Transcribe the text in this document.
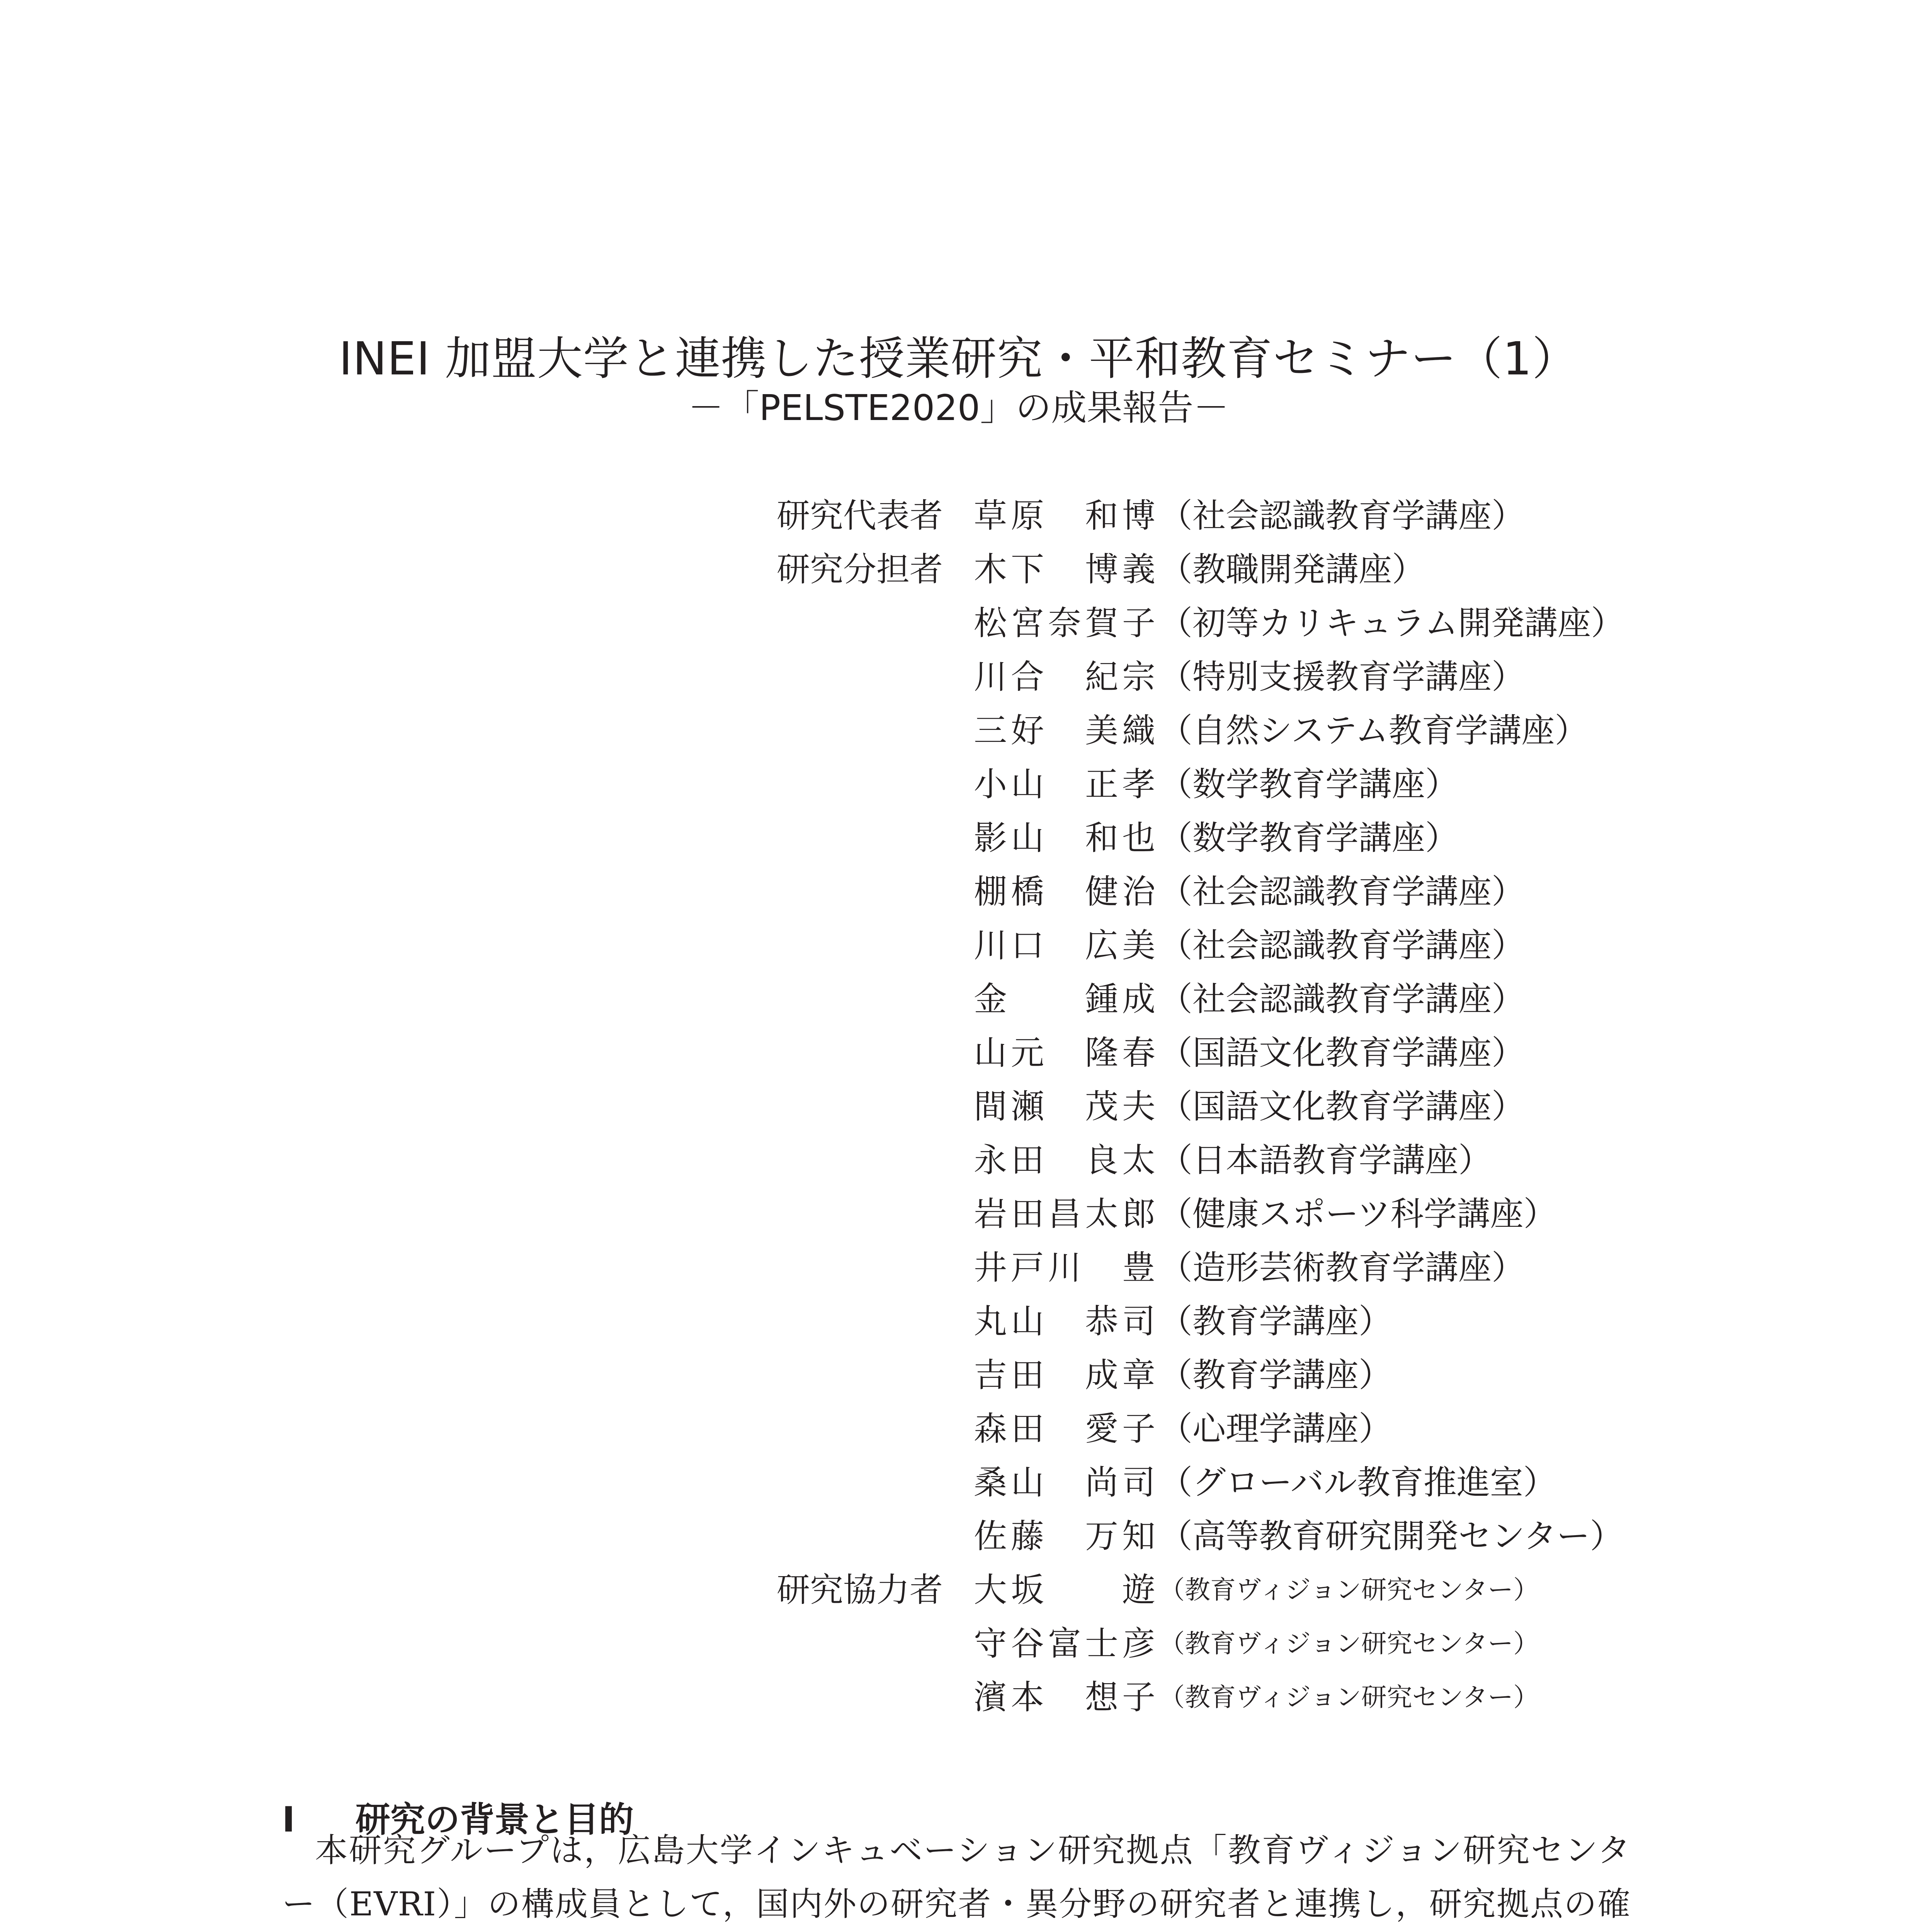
INEI 加盟大学と連携した授業研究・平和教育セミナー（1）
－「PELSTE2020」の成果報告－
研究代表者 草原　和博 （社会認識教育学講座）
研究分担者 木下　博義 （教職開発講座）
松宮奈賀子 （初等カリキュラム開発講座）
川合　紀宗 （特別支援教育学講座）
三好　美織 （自然システム教育学講座）
小山　正孝 （数学教育学講座）
影山　和也 （数学教育学講座）
棚橋　健治 （社会認識教育学講座）
川口　広美 （社会認識教育学講座）
金　　鍾成 （社会認識教育学講座）
山元　隆春 （国語文化教育学講座）
間瀬　茂夫 （国語文化教育学講座）
永田　良太 （日本語教育学講座）
岩田昌太郎 （健康スポーツ科学講座）
井戸川　豊 （造形芸術教育学講座）
丸山　恭司 （教育学講座）
吉田　成章 （教育学講座）
森田　愛子 （心理学講座）
桑山　尚司 （グローバル教育推進室）
佐藤　万知 （高等教育研究開発センター）
研究協力者 大坂　　遊 （教育ヴィジョン研究センター）
守谷富士彦 （教育ヴィジョン研究センター）
濱本　想子 （教育ヴィジョン研究センター）
Ⅰ 研究の背景と目的

本研究グループは，広島大学インキュベーション研究拠点「教育ヴィジョン研究センター（EVRI）」の構成員として，国内外の研究者・異分野の研究者と連携し，研究拠点の確
